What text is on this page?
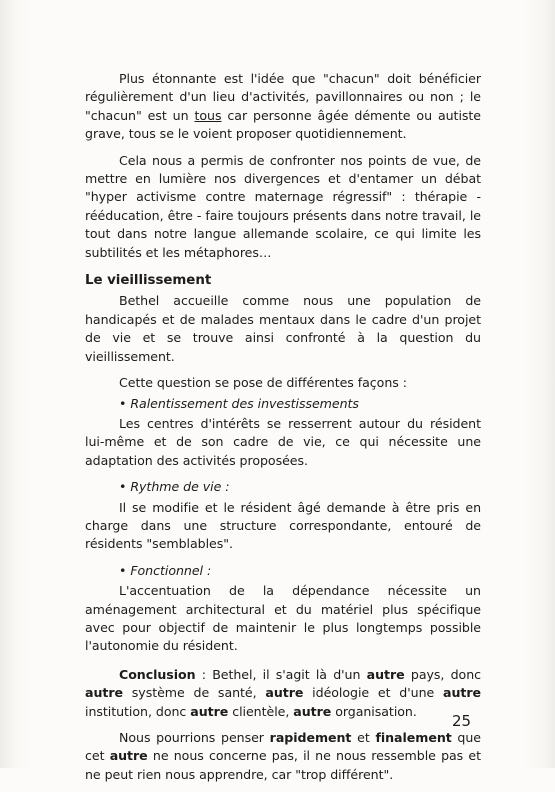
Plus étonnante est l'idée que "chacun" doit bénéficier régulièrement d'un lieu d'activités, pavillonnaires ou non ; le "chacun" est un tous car personne âgée démente ou autiste grave, tous se le voient proposer quotidiennement.

Cela nous a permis de confronter nos points de vue, de mettre en lumière nos divergences et d'entamer un débat "hyper activisme contre maternage régressif" : thérapie - rééducation, être - faire toujours présents dans notre travail, le tout dans notre langue allemande scolaire, ce qui limite les subtilités et les métaphores…

Le vieillissement

Bethel accueille comme nous une population de handicapés et de malades mentaux dans le cadre d'un projet de vie et se trouve ainsi confronté à la question du vieillissement.

Cette question se pose de différentes façons :

• Ralentissement des investissements

Les centres d'intérêts se resserrent autour du résident lui-même et de son cadre de vie, ce qui nécessite une adaptation des activités proposées.

• Rythme de vie :

Il se modifie et le résident âgé demande à être pris en charge dans une structure correspondante, entouré de résidents "semblables".

• Fonctionnel :

L'accentuation de la dépendance nécessite un aménagement architectural et du matériel plus spécifique avec pour objectif de maintenir le plus longtemps possible l'autonomie du résident.

Conclusion : Bethel, il s'agit là d'un autre pays, donc autre système de santé, autre idéologie et d'une autre institution, donc autre clientèle, autre organisation.

Nous pourrions penser rapidement et finalement que cet autre ne nous concerne pas, il ne nous ressemble pas et ne peut rien nous apprendre, car "trop différent".

25
